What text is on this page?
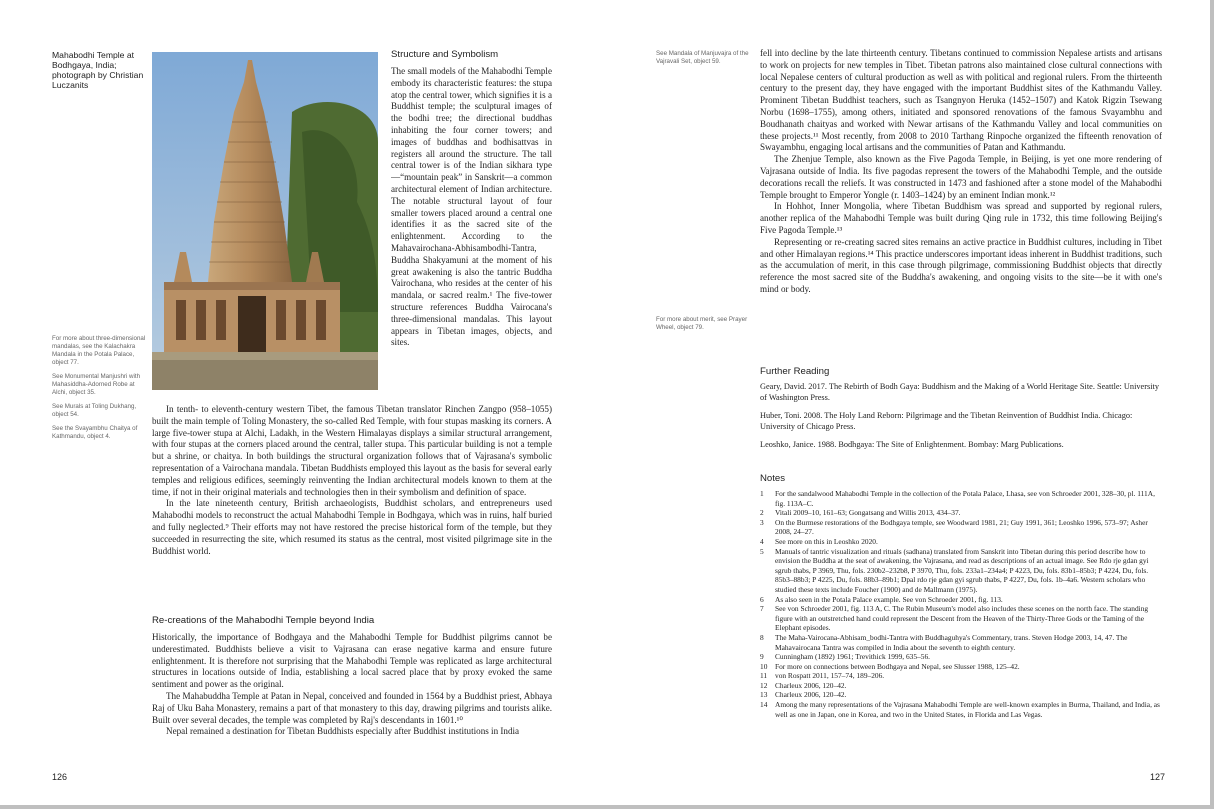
Mahabodhi Temple at Bodhgaya, India; photograph by Christian Luczanits
For more about three-dimensional mandalas, see the Kalachakra Mandala in the Potala Palace, object 77.
See Monumental Manjushri with Mahasiddha-Adorned Robe at Alchi, object 35.
See Murals at Toling Dukhang, object 54.
See the Svayambhu Chaitya of Kathmandu, object 4.
Structure and Symbolism

The small models of the Mahabodhi Temple embody its characteristic features: the stupa atop the central tower, which signifies it is a Buddhist temple; the sculptural images of the bodhi tree; the directional buddhas inhabiting the four corner towers; and images of buddhas and bodhisattvas in registers all around the structure. The tall central tower is of the Indian sikhara type—“mountain peak” in Sanskrit—a common architectural element of Indian architecture. The notable structural layout of four smaller towers placed around a central one identifies it as the sacred site of the enlightenment. According to the Mahavairochana-Abhisambodhi-Tantra, Buddha Shakyamuni at the moment of his great awakening is also the tantric Buddha Vairochana, who resides at the center of his mandala, or sacred realm.¹ The five-tower structure references Buddha Vairocana's three-dimensional mandalas. This layout appears in Tibetan images, objects, and sites.

In tenth- to eleventh-century western Tibet, the famous Tibetan translator Rinchen Zangpo (958–1055) built the main temple of Toling Monastery, the so-called Red Temple, with four stupas masking its corners. A large five-tower stupa at Alchi, Ladakh, in the Western Himalayas displays a similar structural arrangement, with four stupas at the corners placed around the central, taller stupa. This particular building is not a temple but a shrine, or chaitya. In both buildings the structural organization follows that of Vajrasana's symbolic representation of a Vairochana mandala. Tibetan Buddhists employed this layout as the basis for several early temples and religious edifices, seemingly reinventing the Indian architectural models known to them at the time, if not in their original materials and technologies then in their symbolism and definition of space.

In the late nineteenth century, British archaeologists, Buddhist scholars, and entrepreneurs used Mahabodhi models to reconstruct the actual Mahabodhi Temple in Bodhgaya, which was in ruins, half buried and fully neglected.⁹ Their efforts may not have restored the precise historical form of the temple, but they succeeded in resurrecting the site, which resumed its status as the central, most visited pilgrimage site in the Buddhist world.

Re-creations of the Mahabodhi Temple beyond India

Historically, the importance of Bodhgaya and the Mahabodhi Temple for Buddhist pilgrims cannot be underestimated. Buddhists believe a visit to Vajrasana can erase negative karma and ensure future enlightenment. It is therefore not surprising that the Mahabodhi Temple was replicated as large architectural structures in locations outside of India, establishing a local sacred place that by proxy evoked the same sentiment and power as the original.

The Mahabuddha Temple at Patan in Nepal, conceived and founded in 1564 by a Buddhist priest, Abhaya Raj of Uku Baha Monastery, remains a part of that monastery to this day, drawing pilgrims and tourists alike. Built over several decades, the temple was completed by Raj's descendants in 1601.¹⁰

Nepal remained a destination for Tibetan Buddhists especially after Buddhist institutions in India

126
See Mandala of Manjuvajra of the Vajravali Set, object 59.
For more about merit, see Prayer Wheel, object 79.

fell into decline by the late thirteenth century. Tibetans continued to commission Nepalese artists and artisans to work on projects for new temples in Tibet. Tibetan patrons also maintained close cultural connections with local Nepalese centers of cultural production as well as with political and regional rulers. From the thirteenth century to the present day, they have engaged with the important Buddhist sites of the Kathmandu Valley. Prominent Tibetan Buddhist teachers, such as Tsangnyon Heruka (1452–1507) and Katok Rigzin Tsewang Norbu (1698–1755), among others, initiated and sponsored renovations of the famous Svayambhu and Boudhanath chaityas and worked with Newar artisans of the Kathmandu Valley and local communities on these projects.¹¹ Most recently, from 2008 to 2010 Tarthang Rinpoche organized the fifteenth renovation of Swayambhu, engaging local artisans and the communities of Patan and Kathmandu.

The Zhenjue Temple, also known as the Five Pagoda Temple, in Beijing, is yet one more rendering of Vajrasana outside of India. Its five pagodas represent the towers of the Mahabodhi Temple, and the outside decorations recall the reliefs. It was constructed in 1473 and fashioned after a stone model of the Mahabodhi Temple brought to Emperor Yongle (r. 1403–1424) by an eminent Indian monk.¹²

In Hohhot, Inner Mongolia, where Tibetan Buddhism was spread and supported by regional rulers, another replica of the Mahabodhi Temple was built during Qing rule in 1732, this time following Beijing's Five Pagoda Temple.¹³

Representing or re-creating sacred sites remains an active practice in Buddhist cultures, including in Tibet and other Himalayan regions.¹⁴ This practice underscores important ideas inherent in Buddhist traditions, such as the accumulation of merit, in this case through pilgrimage, commissioning Buddhist objects that directly reference the most sacred site of the Buddha's awakening, and ongoing visits to the site—be it with one's mind or body.

Further Reading

Geary, David. 2017. The Rebirth of Bodh Gaya: Buddhism and the Making of a World Heritage Site. Seattle: University of Washington Press.

Huber, Toni. 2008. The Holy Land Reborn: Pilgrimage and the Tibetan Reinvention of Buddhist India. Chicago: University of Chicago Press.

Leoshko, Janice. 1988. Bodhgaya: The Site of Enlightenment. Bombay: Marg Publications.

Notes
1	For the sandalwood Mahabodhi Temple in the collection of the Potala Palace, Lhasa, see von Schroeder 2001, 328–30, pl. 111A, fig. 113A–C.
2	Vitali 2009–10, 161–63; Gongatsang and Willis 2013, 434–37.
3	On the Burmese restorations of the Bodhgaya temple, see Woodward 1981, 21; Guy 1991, 361; Leoshko 1996, 573–97; Asher 2008, 24–27.
4	See more on this in Leoshko 2020.
5	Manuals of tantric visualization and rituals (sadhana) translated from Sanskrit into Tibetan during this period describe how to envision the Buddha at the seat of awakening, the Vajrasana, and read as descriptions of an actual image. See Rdo rje gdan gyi sgrub thabs, P 3969, Thu, fols. 230b2–232b8, P 3970, Thu, fols. 233a1–234a4; P 4223, Du, fols. 83b1–85b3; P 4224, Du, fols. 85b3–88b3; P 4225, Du, fols. 88b3–89b1; Dpal rdo rje gdan gyi sgrub thabs, P 4227, Du, fols. 1b–4a6. Western scholars who studied these texts include Foucher (1900) and de Mallmann (1975).
6	As also seen in the Potala Palace example. See von Schroeder 2001, fig. 113.
7	See von Schroeder 2001, fig. 113 A, C. The Rubin Museum's model also includes these scenes on the north face. The standing figure with an outstretched hand could represent the Descent from the Heaven of the Thirty-Three Gods or the Taming of the Elephant episodes.
8	The Maha-Vairocana-Abhisam_bodhi-Tantra with Buddhaguhya's Commentary, trans. Steven Hodge 2003, 14, 47. The Mahavairocana Tantra was compiled in India about the seventh to eighth century.
9	Cunningham (1892) 1961; Trevithick 1999, 635–56.
10	For more on connections between Bodhgaya and Nepal, see Slusser 1988, 125–42.
11	von Rospatt 2011, 157–74, 189–206.
12	Charleux 2006, 120–42.
13	Charleux 2006, 120–42.
14	Among the many representations of the Vajrasana Mahabodhi Temple are well-known examples in Burma, Thailand, and India, as well as one in Japan, one in Korea, and two in the United States, in Florida and Las Vegas.
127
